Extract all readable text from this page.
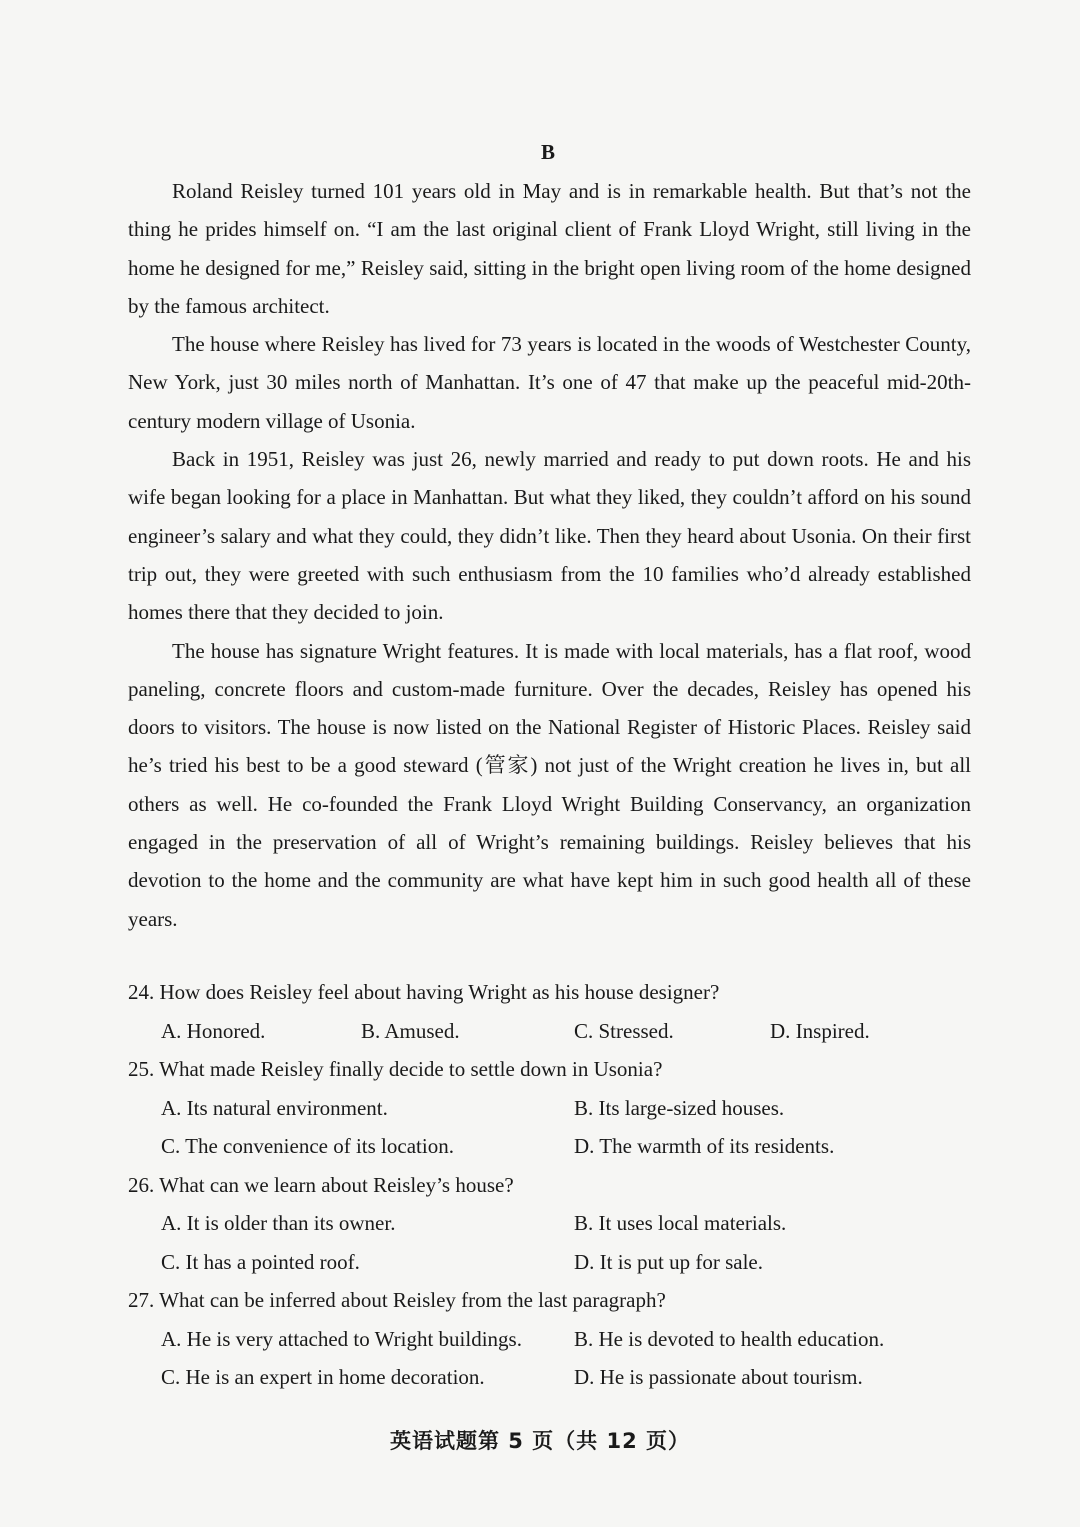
B

Roland Reisley turned 101 years old in May and is in remarkable health. But that’s not the thing he prides himself on. “I am the last original client of Frank Lloyd Wright, still living in the home he designed for me,” Reisley said, sitting in the bright open living room of the home designed by the famous architect.

The house where Reisley has lived for 73 years is located in the woods of Westchester County, New York, just 30 miles north of Manhattan. It’s one of 47 that make up the peaceful mid-20th-century modern village of Usonia.

Back in 1951, Reisley was just 26, newly married and ready to put down roots. He and his wife began looking for a place in Manhattan. But what they liked, they couldn’t afford on his sound engineer’s salary and what they could, they didn’t like. Then they heard about Usonia. On their first trip out, they were greeted with such enthusiasm from the 10 families who’d already established homes there that they decided to join.

The house has signature Wright features. It is made with local materials, has a flat roof, wood paneling, concrete floors and custom-made furniture. Over the decades, Reisley has opened his doors to visitors. The house is now listed on the National Register of Historic Places. Reisley said he’s tried his best to be a good steward (管家) not just of the Wright creation he lives in, but all others as well. He co-founded the Frank Lloyd Wright Building Conservancy, an organization engaged in the preservation of all of Wright’s remaining buildings. Reisley believes that his devotion to the home and the community are what have kept him in such good health all of these years.

24. How does Reisley feel about having Wright as his house designer?
A. Honored.	B. Amused.	C. Stressed.	D. Inspired.
25. What made Reisley finally decide to settle down in Usonia?
A. Its natural environment.	B. Its large-sized houses.
C. The convenience of its location.	D. The warmth of its residents.
26. What can we learn about Reisley’s house?
A. It is older than its owner.	B. It uses local materials.
C. It has a pointed roof.	D. It is put up for sale.
27. What can be inferred about Reisley from the last paragraph?
A. He is very attached to Wright buildings. B. He is devoted to health education.
C. He is an expert in home decoration.	D. He is passionate about tourism.
英语试题第 5 页（共 12 页）
